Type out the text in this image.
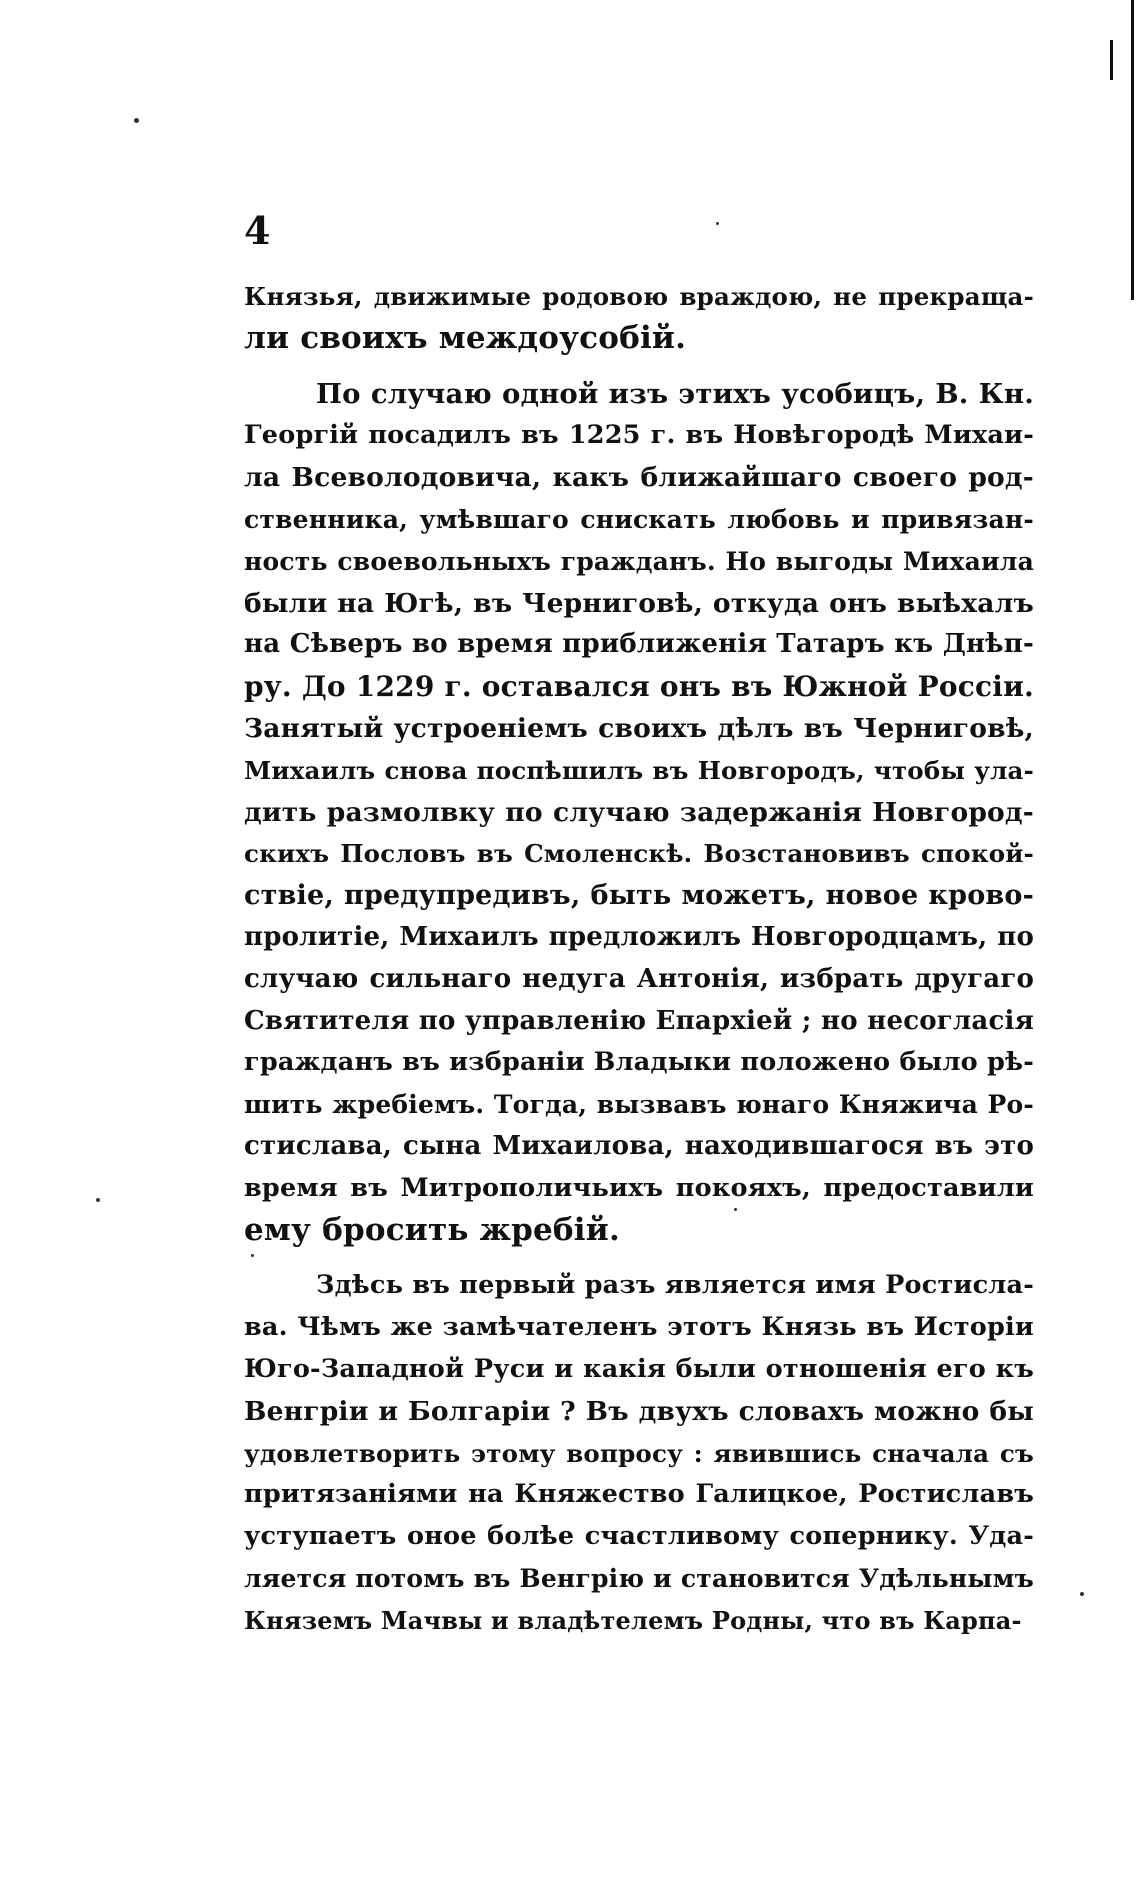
4
Князья, движимые родовою враждою, не прекраща-
ли своихъ междоусобій.
По случаю одной изъ этихъ усобицъ, В. Кн.
Георгій посадилъ въ 1225 г. въ Новѣгородѣ Михаи-
ла Всеволодовича, какъ ближайшаго своего род-
ственника, умѣвшаго снискать любовь и привязан-
ность своевольныхъ гражданъ. Но выгоды Михаила
были на Югѣ, въ Черниговѣ, откуда онъ выѣхалъ
на Сѣверъ во время приближенія Татаръ къ Днѣп-
ру. До 1229 г. оставался онъ въ Южной Россіи.
Занятый устроеніемъ своихъ дѣлъ въ Черниговѣ,
Михаилъ снова поспѣшилъ въ Новгородъ, чтобы ула-
дить размолвку по случаю задержанія Новгород-
скихъ Пословъ въ Смоленскѣ. Возстановивъ спокой-
ствіе, предупредивъ, быть можетъ, новое крово-
пролитіе, Михаилъ предложилъ Новгородцамъ, по
случаю сильнаго недуга Антонія, избрать другаго
Святителя по управленію Епархіей ; но несогласія
гражданъ въ избраніи Владыки положено было рѣ-
шить жребіемъ. Тогда, вызвавъ юнаго Княжича Ро-
стислава, сына Михаилова, находившагося въ это
время въ Митрополичьихъ покояхъ, предоставили
ему бросить жребій.
Здѣсь въ первый разъ является имя Ростисла-
ва. Чѣмъ же замѣчателенъ этотъ Князь въ Исторіи
Юго-Западной Руси и какія были отношенія его къ
Венгріи и Болгаріи ? Въ двухъ словахъ можно бы
удовлетворить этому вопросу : явившись сначала съ
притязаніями на Княжество Галицкое, Ростиславъ
уступаетъ оное болѣе счастливому сопернику. Уда-
ляется потомъ въ Венгрію и становится Удѣльнымъ
Княземъ Мачвы и владѣтелемъ Родны, что въ Карпа-
